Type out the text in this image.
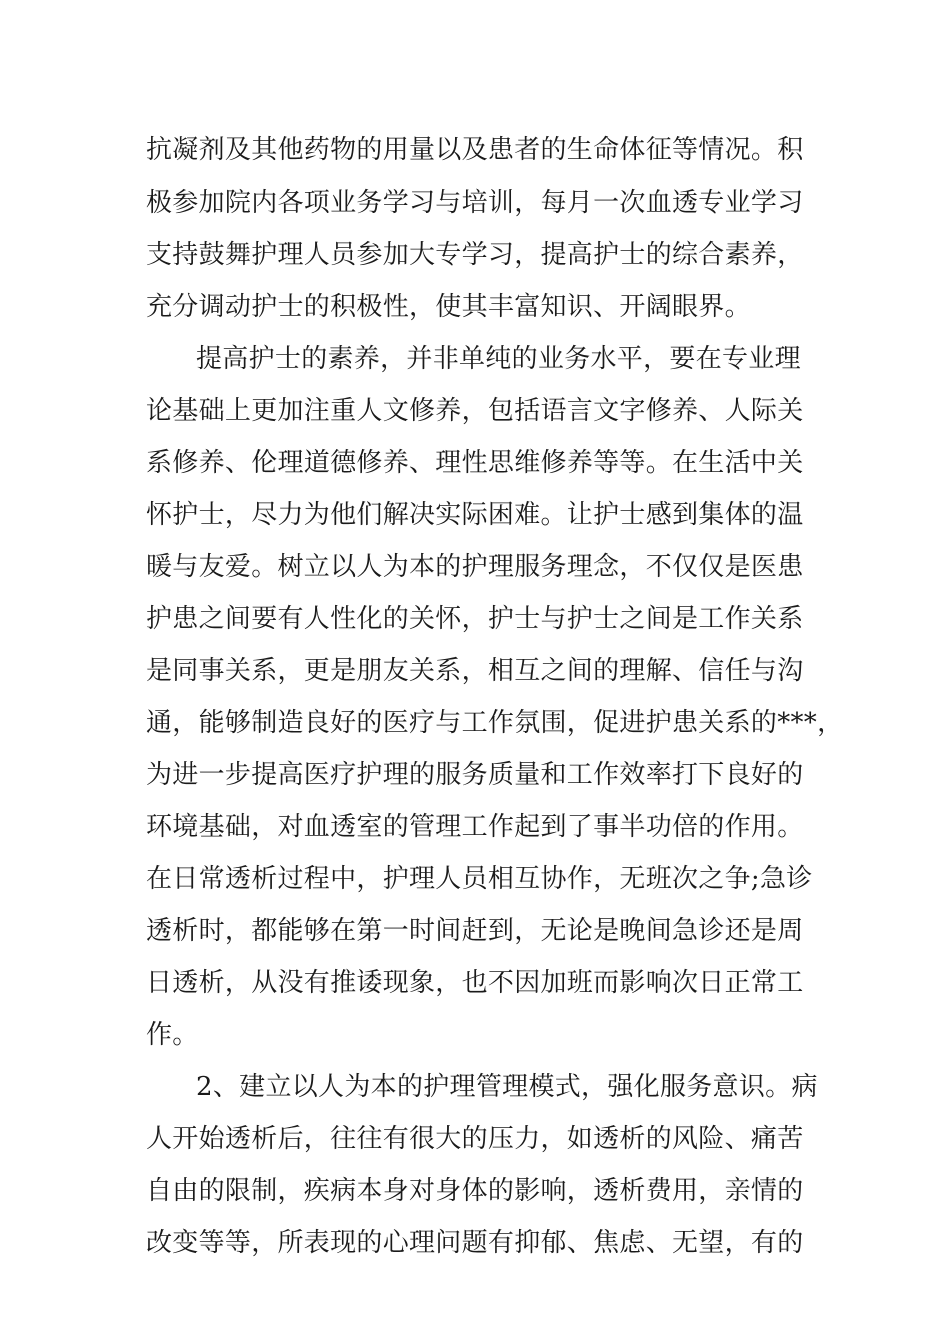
抗凝剂及其他药物的用量以及患者的生命体征等情况。积
极参加院内各项业务学习与培训，每月一次血透专业学习
支持鼓舞护理人员参加大专学习，提高护士的综合素养，
充分调动护士的积极性，使其丰富知识、开阔眼界。
提高护士的素养，并非单纯的业务水平，要在专业理
论基础上更加注重人文修养，包括语言文字修养、人际关
系修养、伦理道德修养、理性思维修养等等。在生活中关
怀护士，尽力为他们解决实际困难。让护士感到集体的温
暖与友爱。树立以人为本的护理服务理念，不仅仅是医患
护患之间要有人性化的关怀，护士与护士之间是工作关系
是同事关系，更是朋友关系，相互之间的理解、信任与沟
通，能够制造良好的医疗与工作氛围，促进护患关系的***，
为进一步提高医疗护理的服务质量和工作效率打下良好的
环境基础，对血透室的管理工作起到了事半功倍的作用。
在日常透析过程中，护理人员相互协作，无班次之争;急诊
透析时，都能够在第一时间赶到，无论是晚间急诊还是周
日透析，从没有推诿现象，也不因加班而影响次日正常工
作。
2、建立以人为本的护理管理模式，强化服务意识。病
人开始透析后，往往有很大的压力，如透析的风险、痛苦
自由的限制，疾病本身对身体的影响，透析费用，亲情的
改变等等，所表现的心理问题有抑郁、焦虑、无望，有的
